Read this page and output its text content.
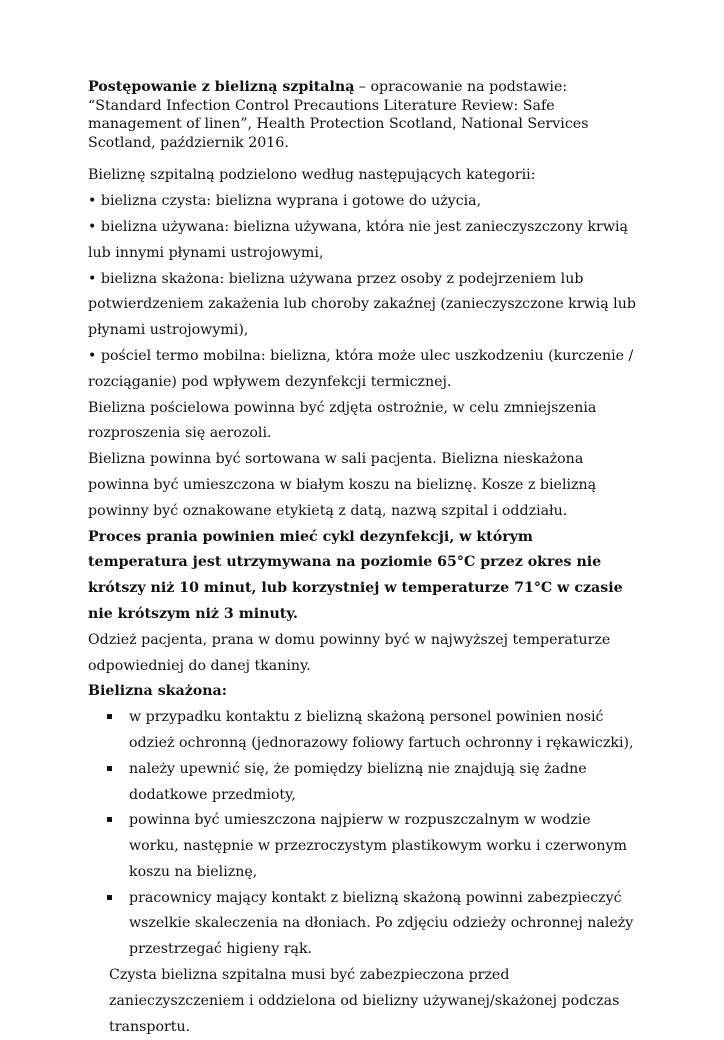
Postępowanie z bielizną szpitalną – opracowanie na podstawie: “Standard Infection Control Precautions Literature Review: Safe management of linen”, Health Protection Scotland, National Services Scotland, październik 2016.

Bieliznę szpitalną podzielono według następujących kategorii:

• bielizna czysta: bielizna wyprana i gotowe do użycia,

• bielizna używana: bielizna używana, która nie jest zanieczyszczony krwią lub innymi płynami ustrojowymi,

• bielizna skażona: bielizna używana przez osoby z podejrzeniem lub potwierdzeniem zakażenia lub choroby zakaźnej (zanieczyszczone krwią lub płynami ustrojowymi),

• pościel termo mobilna: bielizna, która może ulec uszkodzeniu (kurczenie / rozciąganie) pod wpływem dezynfekcji termicznej.

Bielizna pościelowa powinna być zdjęta ostrożnie, w celu zmniejszenia rozproszenia się aerozoli.

Bielizna powinna być sortowana w sali pacjenta. Bielizna nieskażona powinna być umieszczona w białym koszu na bieliznę. Kosze z bielizną powinny być oznakowane etykietą z datą, nazwą szpital i oddziału.

Proces prania powinien mieć cykl dezynfekcji, w którym temperatura jest utrzymywana na poziomie 65°C przez okres nie krótszy niż 10 minut, lub korzystniej w temperaturze 71°C w czasie nie krótszym niż 3 minuty.

Odzież pacjenta, prana w domu powinny być w najwyższej temperaturze odpowiedniej do danej tkaniny.

Bielizna skażona:

w przypadku kontaktu z bielizną skażoną personel powinien nosić odzież ochronną (jednorazowy foliowy fartuch ochronny i rękawiczki),
należy upewnić się, że pomiędzy bielizną nie znajdują się żadne dodatkowe przedmioty,
powinna być umieszczona najpierw w rozpuszczalnym w wodzie worku, następnie w przezroczystym plastikowym worku i czerwonym koszu na bieliznę,
pracownicy mający kontakt z bielizną skażoną powinni zabezpieczyć wszelkie skaleczenia na dłoniach. Po zdjęciu odzieży ochronnej należy przestrzegać higieny rąk.

Czysta bielizna szpitalna musi być zabezpieczona przed zanieczyszczeniem i oddzielona od bielizny używanej/skażonej podczas transportu.
